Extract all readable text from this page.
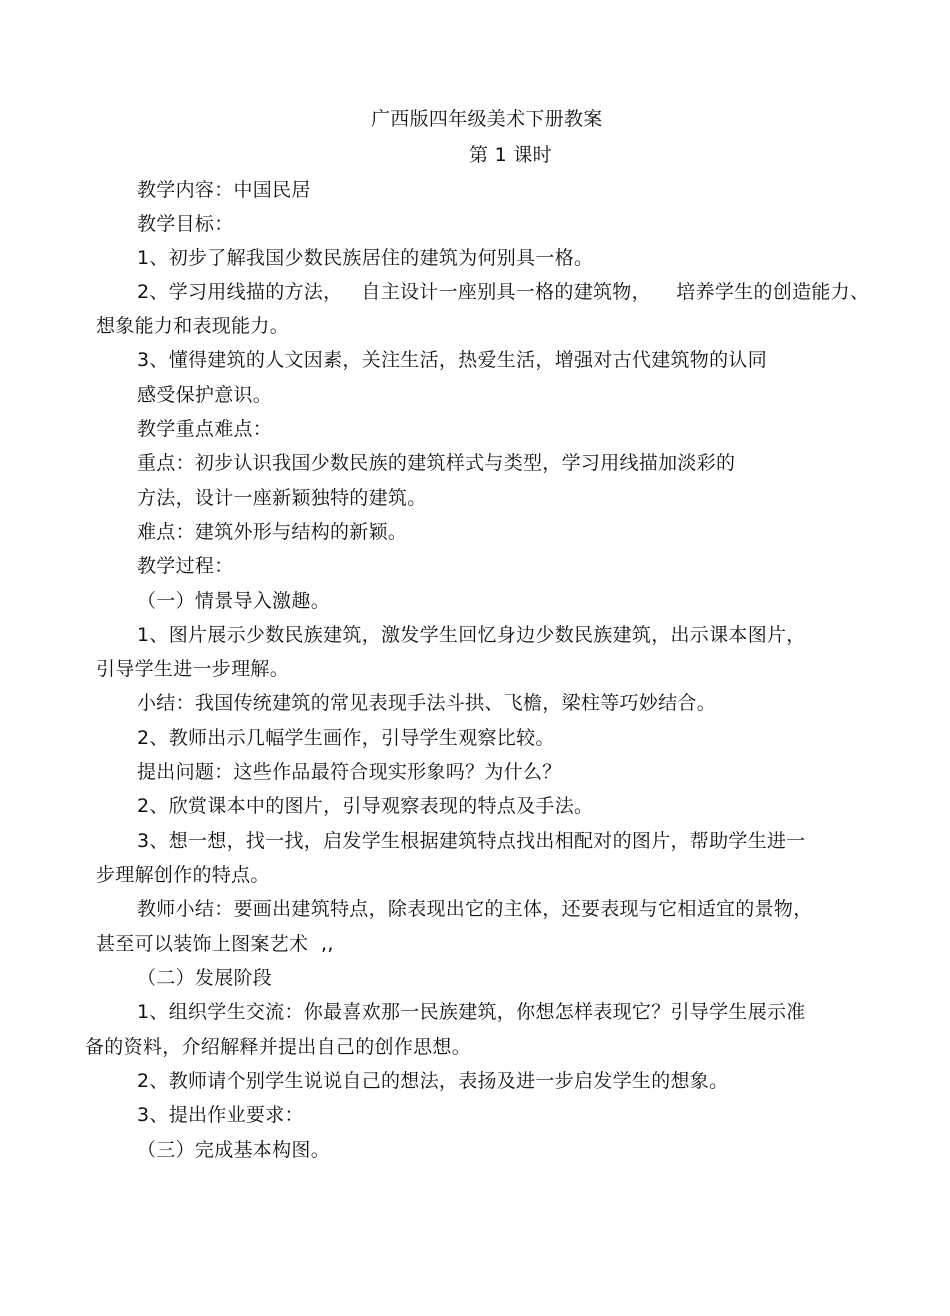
广西版四年级美术下册教案
第 1 课时
教学内容：中国民居
教学目标：
1、初步了解我国少数民族居住的建筑为何别具一格。
2、学习用线描的方法，   自主设计一座别具一格的建筑物，    培养学生的创造能力、
想象能力和表现能力。
3、懂得建筑的人文因素，关注生活，热爱生活，增强对古代建筑物的认同
感受保护意识。
教学重点难点：
重点：初步认识我国少数民族的建筑样式与类型，学习用线描加淡彩的
方法，设计一座新颖独特的建筑。
难点：建筑外形与结构的新颖。
教学过程：
（一）情景导入激趣。
1、图片展示少数民族建筑，激发学生回忆身边少数民族建筑，出示课本图片，
引导学生进一步理解。
小结：我国传统建筑的常见表现手法斗拱、飞檐，梁柱等巧妙结合。
2、教师出示几幅学生画作，引导学生观察比较。
提出问题：这些作品最符合现实形象吗？为什么？
2、欣赏课本中的图片，引导观察表现的特点及手法。
3、想一想，找一找，启发学生根据建筑特点找出相配对的图片，帮助学生进一
步理解创作的特点。
教师小结：要画出建筑特点，除表现出它的主体，还要表现与它相适宜的景物，
甚至可以装饰上图案艺术  ,,
（二）发展阶段
1、组织学生交流：你最喜欢那一民族建筑，你想怎样表现它？引导学生展示准
备的资料，介绍解释并提出自己的创作思想。
2、教师请个别学生说说自己的想法，表扬及进一步启发学生的想象。
3、提出作业要求：
（三）完成基本构图。
